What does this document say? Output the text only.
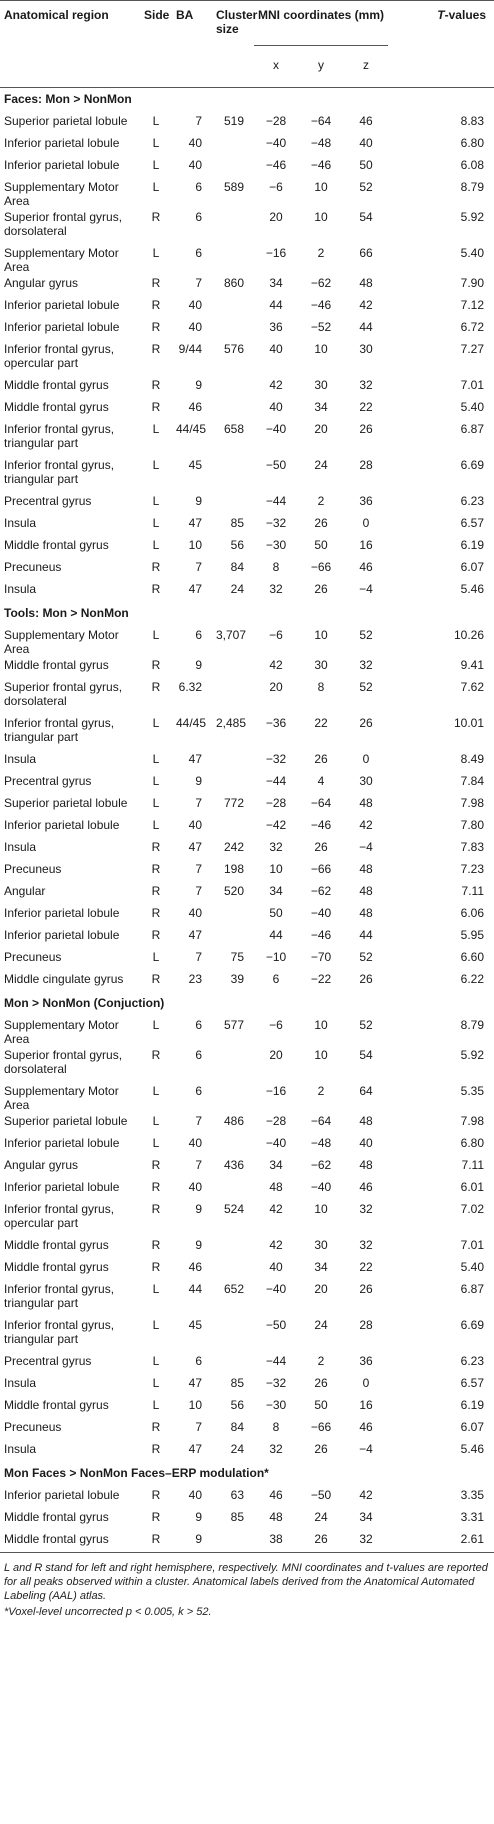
Anatomical region	Side	BA	Cluster size	MNI coordinates (mm)			T-values
				x	y	z	
Faces: Mon > NonMon							
Superior parietal lobule	L	7	519	−28	−64	46	8.83
Inferior parietal lobule	L	40		−40	−48	40	6.80
Inferior parietal lobule	L	40		−46	−46	50	6.08
Supplementary Motor Area	L	6	589	−6	10	52	8.79
Superior frontal gyrus, dorsolateral	R	6		20	10	54	5.92
Supplementary Motor Area	L	6		−16	2	66	5.40
Angular gyrus	R	7	860	34	−62	48	7.90
Inferior parietal lobule	R	40		44	−46	42	7.12
Inferior parietal lobule	R	40		36	−52	44	6.72
Inferior frontal gyrus, opercular part	R	9/44	576	40	10	30	7.27
Middle frontal gyrus	R	9		42	30	32	7.01
Middle frontal gyrus	R	46		40	34	22	5.40
Inferior frontal gyrus, triangular part	L	44/45	658	−40	20	26	6.87
Inferior frontal gyrus, triangular part	L	45		−50	24	28	6.69
Precentral gyrus	L	9		−44	2	36	6.23
Insula	L	47	85	−32	26	0	6.57
Middle frontal gyrus	L	10	56	−30	50	16	6.19
Precuneus	R	7	84	8	−66	46	6.07
Insula	R	47	24	32	26	−4	5.46
Tools: Mon > NonMon							
Supplementary Motor Area	L	6	3,707	−6	10	52	10.26
Middle frontal gyrus	R	9		42	30	32	9.41
Superior frontal gyrus, dorsolateral	R	6.32		20	8	52	7.62
Inferior frontal gyrus, triangular part	L	44/45	2,485	−36	22	26	10.01
Insula	L	47		−32	26	0	8.49
Precentral gyrus	L	9		−44	4	30	7.84
Superior parietal lobule	L	7	772	−28	−64	48	7.98
Inferior parietal lobule	L	40		−42	−46	42	7.80
Insula	R	47	242	32	26	−4	7.83
Precuneus	R	7	198	10	−66	48	7.23
Angular	R	7	520	34	−62	48	7.11
Inferior parietal lobule	R	40		50	−40	48	6.06
Inferior parietal lobule	R	47		44	−46	44	5.95
Precuneus	L	7	75	−10	−70	52	6.60
Middle cingulate gyrus	R	23	39	6	−22	26	6.22
Mon > NonMon (Conjuction)							
Supplementary Motor Area	L	6	577	−6	10	52	8.79
Superior frontal gyrus, dorsolateral	R	6		20	10	54	5.92
Supplementary Motor Area	L	6		−16	2	64	5.35
Superior parietal lobule	L	7	486	−28	−64	48	7.98
Inferior parietal lobule	L	40		−40	−48	40	6.80
Angular gyrus	R	7	436	34	−62	48	7.11
Inferior parietal lobule	R	40		48	−40	46	6.01
Inferior frontal gyrus, opercular part	R	9	524	42	10	32	7.02
Middle frontal gyrus	R	9		42	30	32	7.01
Middle frontal gyrus	R	46		40	34	22	5.40
Inferior frontal gyrus, triangular part	L	44	652	−40	20	26	6.87
Inferior frontal gyrus, triangular part	L	45		−50	24	28	6.69
Precentral gyrus	L	6		−44	2	36	6.23
Insula	L	47	85	−32	26	0	6.57
Middle frontal gyrus	L	10	56	−30	50	16	6.19
Precuneus	R	7	84	8	−66	46	6.07
Insula	R	47	24	32	26	−4	5.46
Mon Faces > NonMon Faces–ERP modulation*							
Inferior parietal lobule	R	40	63	46	−50	42	3.35
Middle frontal gyrus	R	9	85	48	24	34	3.31
Middle frontal gyrus	R	9		38	26	32	2.61
L and R stand for left and right hemisphere, respectively. MNI coordinates and t-values are reported for all peaks observed within a cluster. Anatomical labels derived from the Anatomical Automated Labeling (AAL) atlas.
*Voxel-level uncorrected p < 0.005, k > 52.
